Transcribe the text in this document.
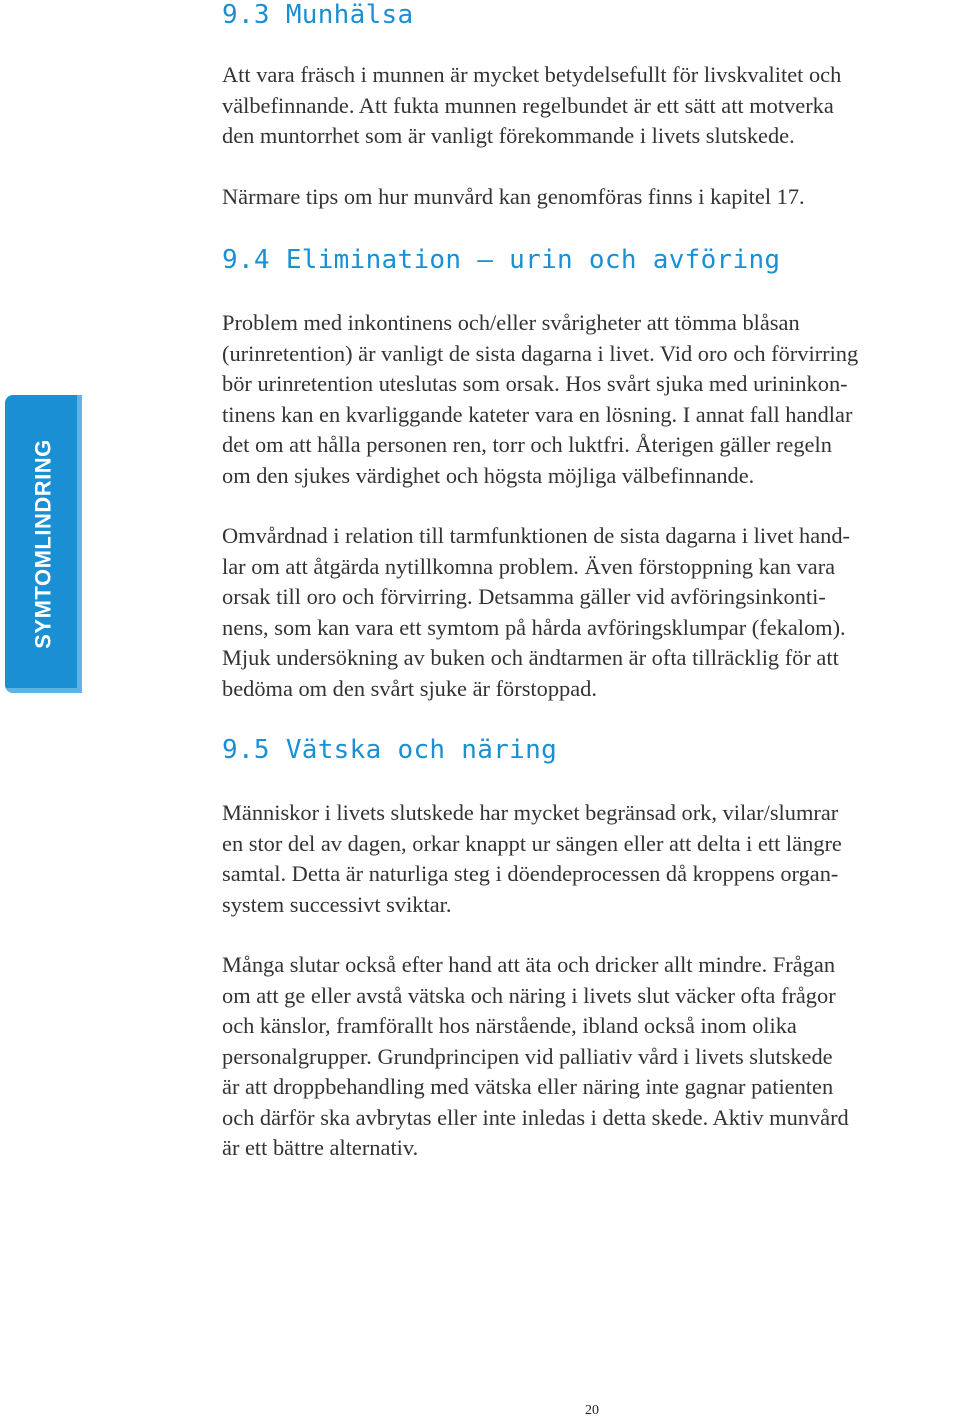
SYMTOMLINDRING
9.3 Munhälsa

Att vara fräsch i munnen är mycket betydelsefullt för livskvalitet och
välbefinnande. Att fukta munnen regelbundet är ett sätt att motverka
den muntorrhet som är vanligt förekommande i livets slutskede.

Närmare tips om hur munvård kan genomföras finns i kapitel 17.

9.4 Elimination – urin och avföring

Problem med inkontinens och/eller svårigheter att tömma blåsan
(urinretention) är vanligt de sista dagarna i livet. Vid oro och förvirring
bör urinretention uteslutas som orsak. Hos svårt sjuka med urininkon-
tinens kan en kvarliggande kateter vara en lösning. I annat fall handlar
det om att hålla personen ren, torr och luktfri. Återigen gäller regeln
om den sjukes värdighet och högsta möjliga välbefinnande.

Omvårdnad i relation till tarmfunktionen de sista dagarna i livet hand-
lar om att åtgärda nytillkomna problem. Även förstoppning kan vara
orsak till oro och förvirring. Detsamma gäller vid avföringsinkonti-
nens, som kan vara ett symtom på hårda avföringsklumpar (fekalom).
Mjuk undersökning av buken och ändtarmen är ofta tillräcklig för att
bedöma om den svårt sjuke är förstoppad.

9.5 Vätska och näring

Människor i livets slutskede har mycket begränsad ork, vilar/slumrar
en stor del av dagen, orkar knappt ur sängen eller att delta i ett längre
samtal. Detta är naturliga steg i döendeprocessen då kroppens organ-
system successivt sviktar.

Många slutar också efter hand att äta och dricker allt mindre. Frågan
om att ge eller avstå vätska och näring i livets slut väcker ofta frågor
och känslor, framförallt hos närstående, ibland också inom olika
personalgrupper. Grundprincipen vid palliativ vård i livets slutskede
är att droppbehandling med vätska eller näring inte gagnar patienten
och därför ska avbrytas eller inte inledas i detta skede. Aktiv munvård
är ett bättre alternativ.

20
